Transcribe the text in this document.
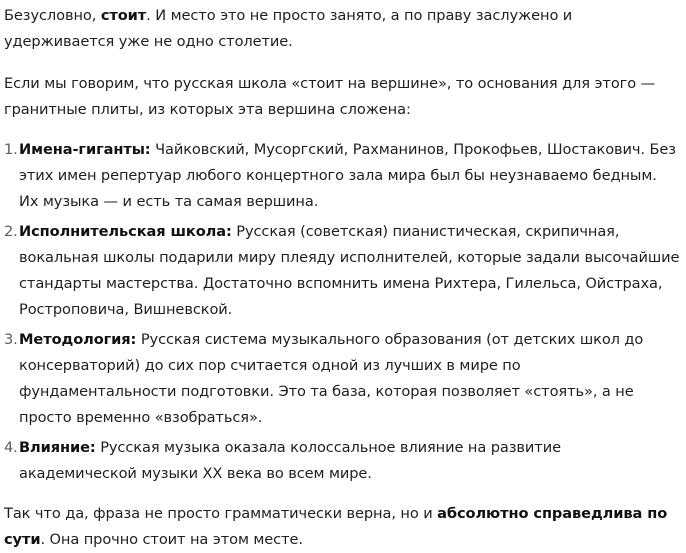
Безусловно, стоит. И место это не просто занято, а по праву заслужено и удерживается уже не одно столетие.

Если мы говорим, что русская школа «стоит на вершине», то основания для этого — гранитные плиты, из которых эта вершина сложена:

1. Имена-гиганты: Чайковский, Мусоргский, Рахманинов, Прокофьев, Шостакович. Без этих имен репертуар любого концертного зала мира был бы неузнаваемо бедным. Их музыка — и есть та самая вершина.
2. Исполнительская школа: Русская (советская) пианистическая, скрипичная, вокальная школы подарили миру плеяду исполнителей, которые задали высочайшие стандарты мастерства. Достаточно вспомнить имена Рихтера, Гилельса, Ойстраха, Ростроповича, Вишневской.
3. Методология: Русская система музыкального образования (от детских школ до консерваторий) до сих пор считается одной из лучших в мире по фундаментальности подготовки. Это та база, которая позволяет «стоять», а не просто временно «взобраться».
4. Влияние: Русская музыка оказала колоссальное влияние на развитие академической музыки XX века во всем мире.

Так что да, фраза не просто грамматически верна, но и абсолютно справедлива по сути. Она прочно стоит на этом месте.
